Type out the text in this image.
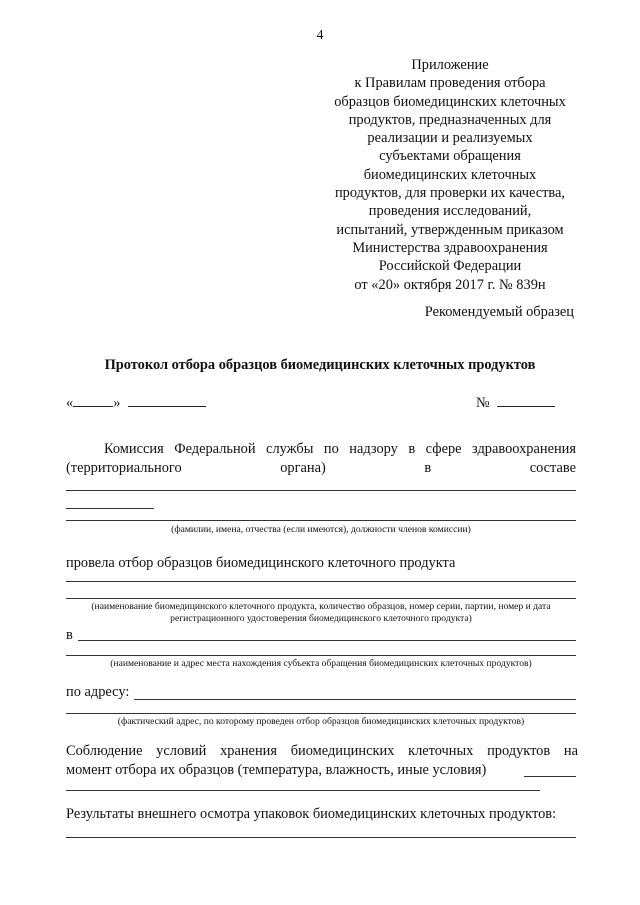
4
Приложение
к Правилам проведения отбора
образцов биомедицинских клеточных
продуктов, предназначенных для
реализации и реализуемых
субъектами обращения
биомедицинских клеточных
продуктов, для проверки их качества,
проведения исследований,
испытаний, утвержденным приказом
Министерства здравоохранения
Российской Федерации
от «20» октября 2017 г. № 839н
Рекомендуемый образец
Протокол отбора образцов биомедицинских клеточных продуктов
«	»	№
Комиссия Федеральной службы по надзору в сфере здравоохранения
(территориального	органа)	в	составе
(фамилии, имена, отчества (если имеются), должности членов комиссии)
провела отбор образцов биомедицинского клеточного продукта
(наименование биомедицинского клеточного продукта, количество образцов, номер серии, партии, номер и дата
регистрационного удостоверения биомедицинского клеточного продукта)
в
(наименование и адрес места нахождения субъекта обращения биомедицинских клеточных продуктов)
по адресу:
(фактический адрес, по которому проведен отбор образцов биомедицинских клеточных продуктов)
Соблюдение условий хранения биомедицинских клеточных продуктов на
момент отбора их образцов (температура, влажность, иные условия)
Результаты внешнего осмотра упаковок биомедицинских клеточных продуктов:
